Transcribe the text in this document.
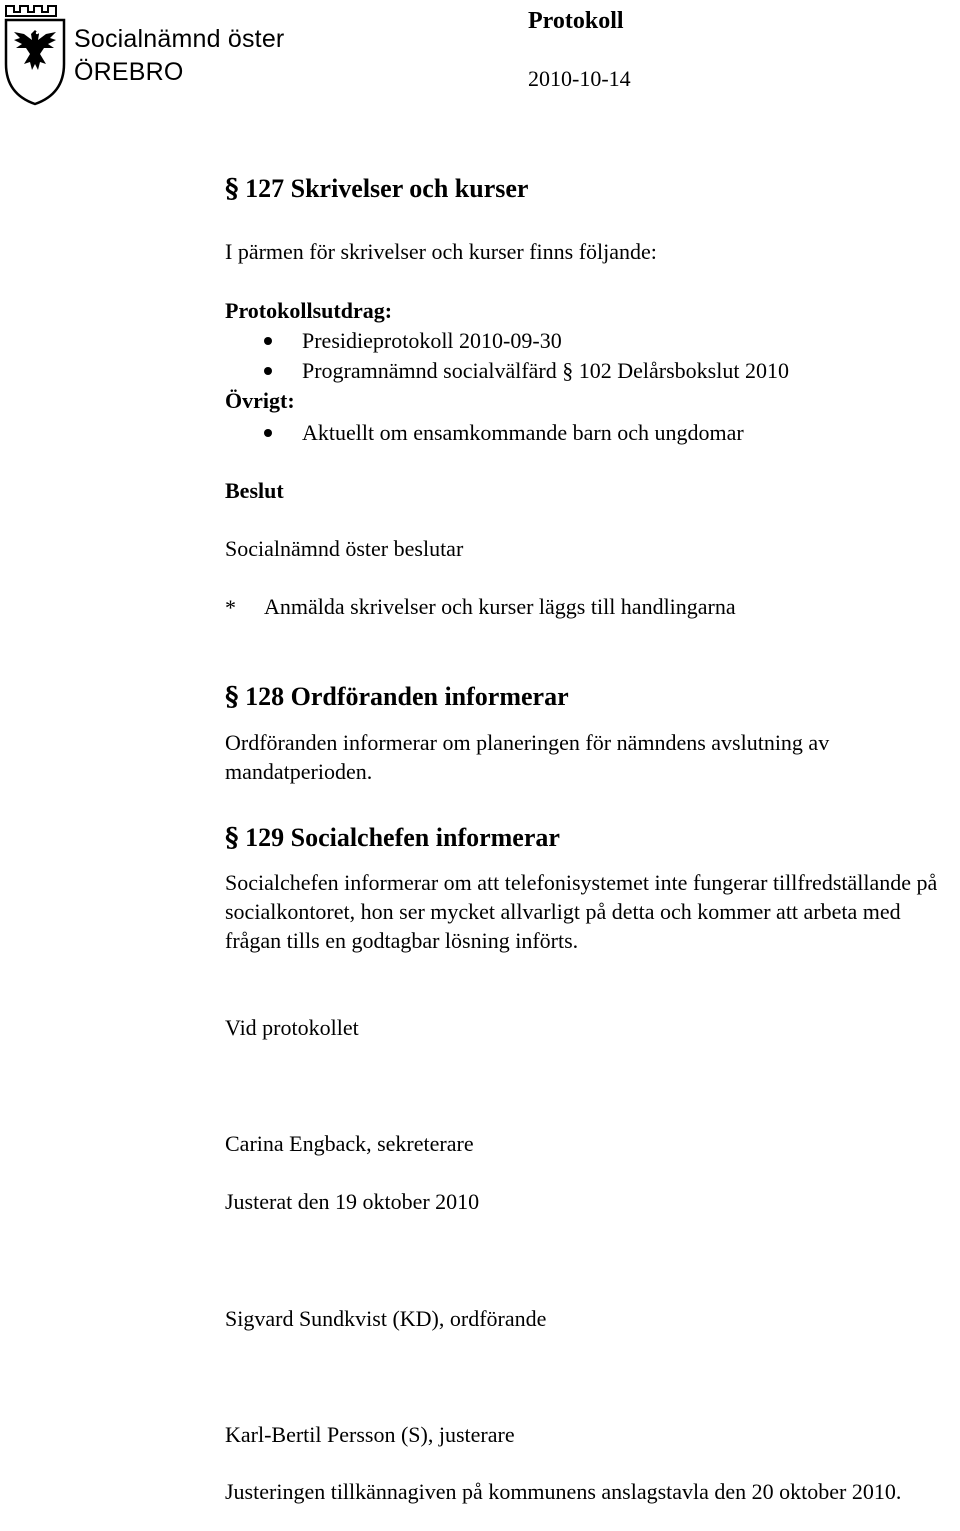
Socialnämnd öster
ÖREBRO
Protokoll
2010-10-14
§ 127 Skrivelser och kurser
I pärmen för skrivelser och kurser finns följande:
Protokollsutdrag:
Presidieprotokoll 2010-09-30
Programnämnd socialvälfärd § 102 Delårsbokslut 2010
Övrigt:
Aktuellt om ensamkommande barn och ungdomar
Beslut
Socialnämnd öster beslutar
* Anmälda skrivelser och kurser läggs till handlingarna
§ 128 Ordföranden informerar
Ordföranden informerar om planeringen för nämndens avslutning av mandatperioden.
§ 129 Socialchefen informerar
Socialchefen informerar om att telefonisystemet inte fungerar tillfredställande på socialkontoret, hon ser mycket allvarligt på detta och kommer att arbeta med frågan tills en godtagbar lösning införts.
Vid protokollet
Carina Engback, sekreterare
Justerat den 19 oktober 2010
Sigvard Sundkvist (KD), ordförande
Karl-Bertil Persson (S), justerare
Justeringen tillkännagiven på kommunens anslagstavla den 20 oktober 2010.
